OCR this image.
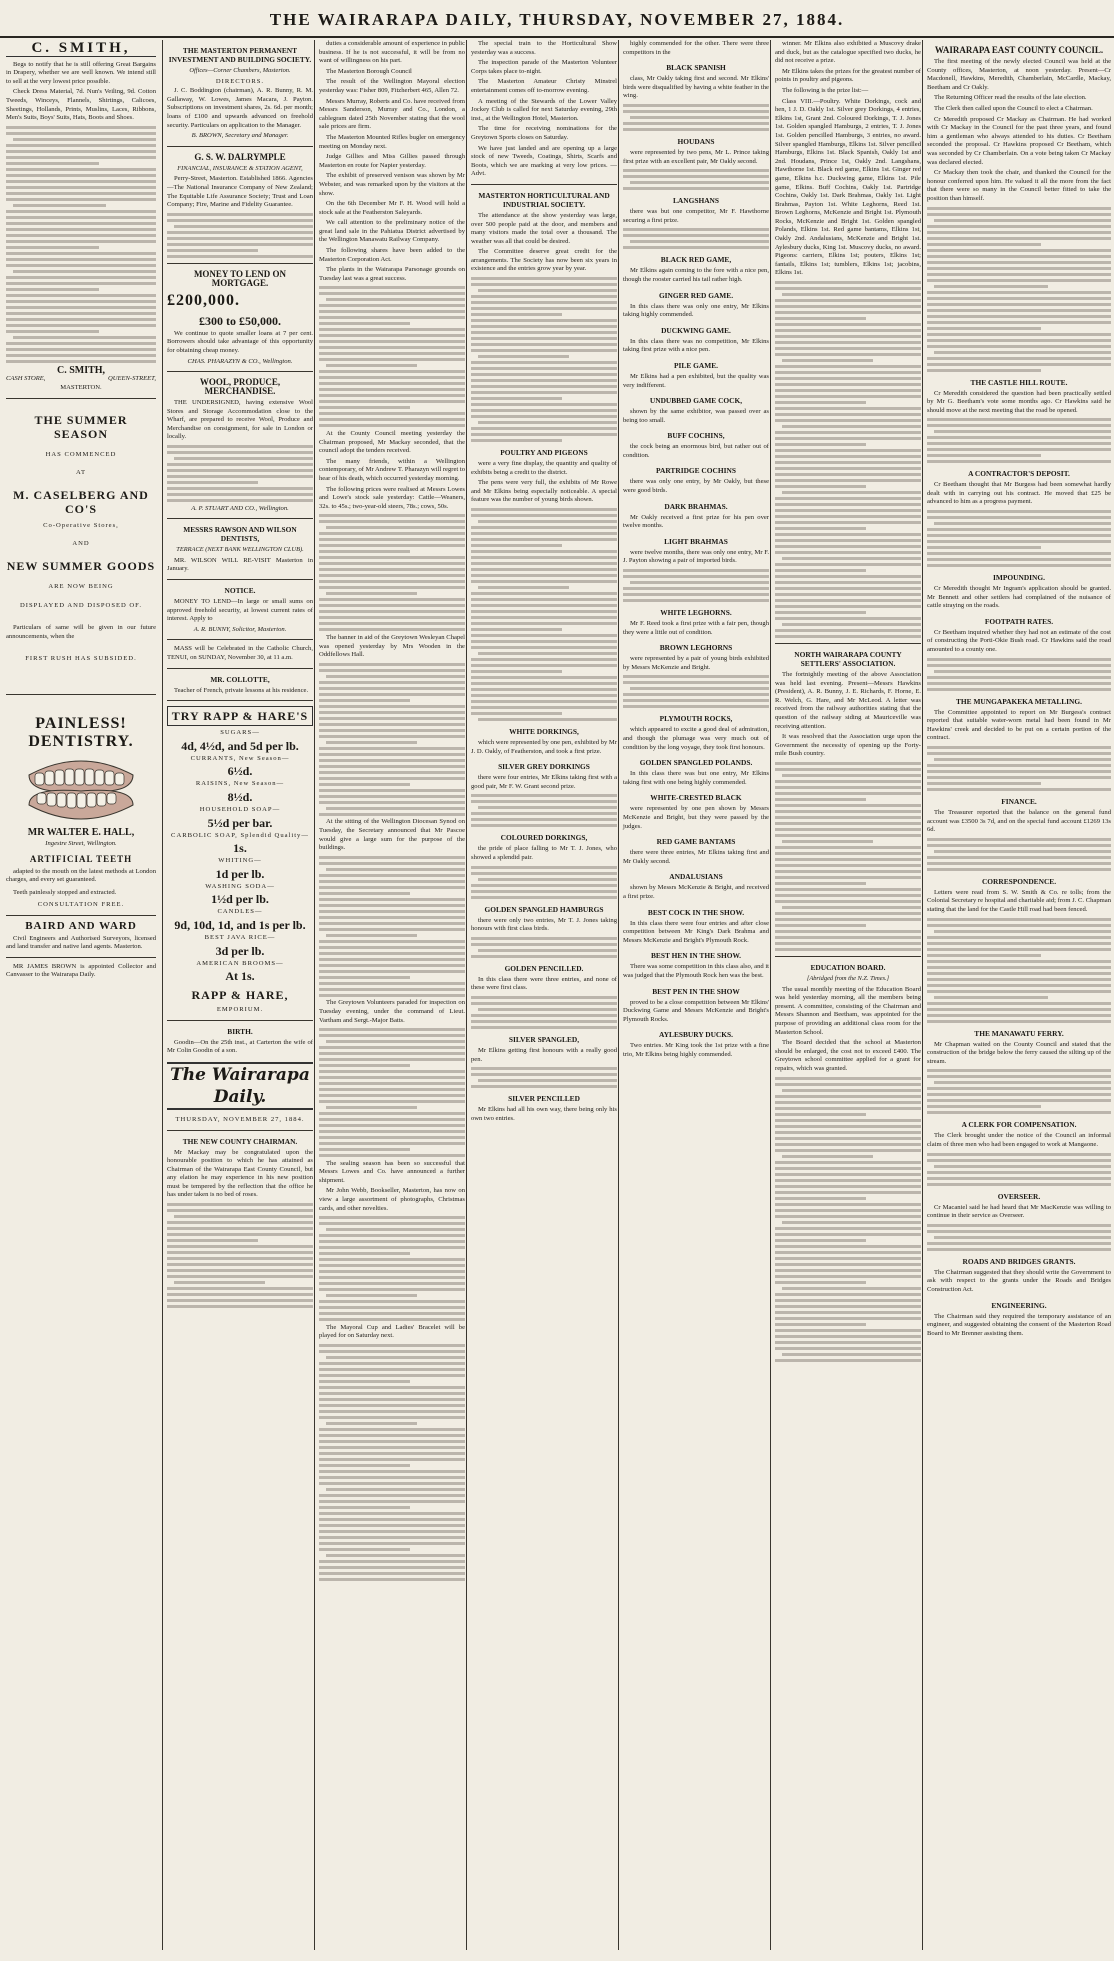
THE WAIRARAPA DAILY, THURSDAY, NOVEMBER 27, 1884.
C. SMITH,

Begs to notify that he is still offering Great Bargains in Drapery, whether we are well known. We intend still to sell at the very lowest price possible.

Check Dress Material, 7d. Nun's Veiling, 9d. Cotton Tweeds, Winceys, Flannels, Shirtings, Calicoes, Sheetings, Hollands, Prints, Muslins, Laces, Ribbons, Men's Suits, Boys' Suits, Hats, Boots and Shoes.

C. SMITH,
CASH STORE,	QUEEN-STREET,
MASTERTON.
THE SUMMER SEASON
HAS COMMENCED
AT
M. CASELBERG AND CO'S
Co-Operative Stores,
AND
NEW SUMMER GOODS
ARE NOW BEING
DISPLAYED AND DISPOSED OF.

Particulars of same will be given in our future announcements, when the

FIRST RUSH HAS SUBSIDED.
PAINLESS! DENTISTRY.
MR WALTER E. HALL,
Ingestre Street, Wellington.
ARTIFICIAL TEETH

adapted to the mouth on the latest methods at London charges, and every set guaranteed.

Teeth painlessly stopped and extracted.

CONSULTATION FREE.
BAIRD AND WARD

Civil Engineers and Authorised Surveyors, licensed and land transfer and native land agents. Masterton.

MR JAMES BROWN is appointed Collector and Canvasser to the Wairarapa Daily.

THE MASTERTON PERMANENT INVESTMENT AND BUILDING SOCIETY.
Offices—Corner Chambers, Masterton.
DIRECTORS.

J. C. Boddington (chairman), A. R. Bunny, R. M. Gallaway, W. Lowes, James Macara, J. Payton. Subscriptions on investment shares, 2s. 6d. per month; loans of £100 and upwards advanced on freehold security. Particulars on application to the Manager.

B. BROWN, Secretary and Manager.
G. S. W. DALRYMPLE
FINANCIAL, INSURANCE & STATION AGENT,

Perry-Street, Masterton. Established 1866. Agencies—The National Insurance Company of New Zealand; The Equitable Life Assurance Society; Trust and Loan Company; Fire, Marine and Fidelity Guarantee.

MONEY TO LEND ON MORTGAGE.
£200,000.
£300 to £50,000.

We continue to quote smaller loans at 7 per cent. Borrowers should take advantage of this opportunity for obtaining cheap money.

CHAS. PHARAZYN & CO., Wellington.
WOOL, PRODUCE, MERCHANDISE.

THE UNDERSIGNED, having extensive Wool Stores and Storage Accommodation close to the Wharf, are prepared to receive Wool, Produce and Merchandise on consignment, for sale in London or locally.

A. P. STUART AND CO., Wellington.
MESSRS RAWSON AND WILSON DENTISTS,
TERRACE (NEXT BANK WELLINGTON CLUB).

MR. WILSON WILL RE-VISIT Masterton in January.

NOTICE.

MONEY TO LEND—In large or small sums on approved freehold security, at lowest current rates of interest. Apply to

A. R. BUNNY, Solicitor, Masterton.

MASS will be Celebrated in the Catholic Church, TENUI, on SUNDAY, November 30, at 11 a.m.

MR. COLLOTTE,

Teacher of French, private lessons at his residence.

TRY RAPP & HARE'S
SUGARS—
4d, 4½d, and 5d per lb.
CURRANTS, New Season—
6½d.
RAISINS, New Season—
8½d.
HOUSEHOLD SOAP—
5½d per bar.
CARBOLIC SOAP, Splendid Quality—
1s.
WHITING—
1d per lb.
WASHING SODA—
1½d per lb.
CANDLES—
9d, 10d, 1d, and 1s per lb.
BEST JAVA RICE—
3d per lb.
AMERICAN BROOMS—
At 1s.
RAPP & HARE,
EMPORIUM.
BIRTH.

Goodin—On the 25th inst., at Carterton the wife of Mr Colin Goodin of a son.

The Wairarapa Daily.
THURSDAY, NOVEMBER 27, 1884.
THE NEW COUNTY CHAIRMAN.

Mr Mackay may be congratulated upon the honourable position to which he has attained as Chairman of the Wairarapa East County Council, but any elation he may experience in his new position must be tempered by the reflection that the office he has under taken is no bed of roses.

duties a considerable amount of experience in public business. If he is not successful, it will be from no want of willingness on his part.

The Masterton Borough Council

The result of the Wellington Mayoral election yesterday was: Fisher 809, Fitzherbert 465, Allen 72.

Messrs Murray, Roberts and Co. have received from Messrs Sanderson, Murray and Co., London, a cablegram dated 25th November stating that the wool sale prices are firm.

The Masterton Mounted Rifles bugler on emergency meeting on Monday next.

Judge Gillies and Miss Gillies passed through Masterton en route for Napier yesterday.

The exhibit of preserved venison was shown by Mr Webster, and was remarked upon by the visitors at the show.

On the 6th December Mr F. H. Wood will hold a stock sale at the Featherston Saleyards.

We call attention to the preliminary notice of the great land sale in the Pahiatua District advertised by the Wellington Manawatu Railway Company.

The following shares have been added to the Masterton Corporation Act.

The plants in the Wairarapa Parsonage grounds on Tuesday last was a great success.

At the County Council meeting yesterday the Chairman proposed, Mr Mackay seconded, that the council adopt the tenders received.

The many friends, within a Wellington contemporary, of Mr Andrew T. Pharazyn will regret to hear of his death, which occurred yesterday morning.

The following prices were realised at Messrs Lowes and Lowe's stock sale yesterday: Cattle—Weaners, 32s. to 45s.; two-year-old steers, 78s.; cows, 50s.

The banner in aid of the Greytown Wesleyan Chapel was opened yesterday by Mrs Wooden in the Oddfellows Hall.

At the sitting of the Wellington Diocesan Synod on Tuesday, the Secretary announced that Mr Pascoe would give a large sum for the purpose of the buildings.

The Greytown Volunteers paraded for inspection on Tuesday evening, under the command of Lieut. Vartham and Sergt.-Major Batts.

The sealing season has been so successful that Messrs Lowes and Co. have announced a further shipment.

Mr John Webb, Bookseller, Masterton, has now on view a large assortment of photographs, Christmas cards, and other novelties.

The Mayoral Cup and Ladies' Bracelet will be played for on Saturday next.

The special train to the Horticultural Show yesterday was a success.

The inspection parade of the Masterton Volunteer Corps takes place to-night.

The Masterton Amateur Christy Minstrel entertainment comes off to-morrow evening.

A meeting of the Stewards of the Lower Valley Jockey Club is called for next Saturday evening, 29th inst., at the Wellington Hotel, Masterton.

The time for receiving nominations for the Greytown Sports closes on Saturday.

We have just landed and are opening up a large stock of new Tweeds, Coatings, Shirts, Scarfs and Boots, which we are marking at very low prices. — Advt.

MASTERTON HORTICULTURAL AND INDUSTRIAL SOCIETY.

The attendance at the show yesterday was large, over 500 people paid at the door, and members and many visitors made the total over a thousand. The weather was all that could be desired.

The Committee deserve great credit for the arrangements. The Society has now been six years in existence and the entries grow year by year.

POULTRY AND PIGEONS

were a very fine display, the quantity and quality of exhibits being a credit to the district.

The pens were very full, the exhibits of Mr Rowe and Mr Elkins being especially noticeable. A special feature was the number of young birds shown.

WHITE DORKINGS,

which were represented by one pen, exhibited by Mr J. D. Oakly, of Featherston, and took a first prize.

SILVER GREY DORKINGS

there were four entries, Mr Elkins taking first with a good pair, Mr F. W. Grant second prize.

COLOURED DORKINGS,

the pride of place falling to Mr T. J. Jones, who showed a splendid pair.

GOLDEN SPANGLED HAMBURGS

there were only two entries, Mr T. J. Jones taking honours with first class birds.

GOLDEN PENCILLED.

In this class there were three entries, and none of these were first class.

SILVER SPANGLED,

Mr Elkins getting first honours with a really good pen.

SILVER PENCILLED

Mr Elkins had all his own way, there being only his own two entries.

highly commended for the other. There were three competitors in the

BLACK SPANISH

class, Mr Oakly taking first and second. Mr Elkins' birds were disqualified by having a white feather in the wing.

HOUDANS

were represented by two pens, Mr L. Prince taking first prize with an excellent pair, Mr Oakly second.

LANGSHANS

there was but one competitor, Mr F. Hawthorne securing a first prize.

BLACK RED GAME,

Mr Elkins again coming to the fore with a nice pen, though the rooster carried his tail rather high.

GINGER RED GAME.

In this class there was only one entry, Mr Elkins taking highly commended.

DUCKWING GAME.

In this class there was no competition, Mr Elkins taking first prize with a nice pen.

PILE GAME.

Mr Elkins had a pen exhibited, but the quality was very indifferent.

UNDUBBED GAME COCK,

shown by the same exhibitor, was passed over as being too small.

BUFF COCHINS,

the cock being an enormous bird, but rather out of condition.

PARTRIDGE COCHINS

there was only one entry, by Mr Oakly, but these were good birds.

DARK BRAHMAS.

Mr Oakly received a first prize for his pen over twelve months.

LIGHT BRAHMAS

were twelve months, there was only one entry, Mr F. J. Payton showing a pair of imported birds.

WHITE LEGHORNS.

Mr F. Reed took a first prize with a fair pen, though they were a little out of condition.

BROWN LEGHORNS

were represented by a pair of young birds exhibited by Messrs McKenzie and Bright.

PLYMOUTH ROCKS,

which appeared to excite a good deal of admiration, and though the plumage was very much out of condition by the long voyage, they took first honours.

GOLDEN SPANGLED POLANDS.

In this class there was but one entry, Mr Elkins taking first with one being highly commended.

WHITE-CRESTED BLACK

were represented by one pen shown by Messrs McKenzie and Bright, but they were passed by the judges.

RED GAME BANTAMS

there were three entries, Mr Elkins taking first and Mr Oakly second.

ANDALUSIANS

shown by Messrs McKenzie & Bright, and received a first prize.

BEST COCK IN THE SHOW.

In this class there were four entries and after close competition between Mr King's Dark Brahma and Messrs McKenzie and Bright's Plymouth Rock.

BEST HEN IN THE SHOW.

There was some competition in this class also, and it was judged that the Plymouth Rock hen was the best.

BEST PEN IN THE SHOW

proved to be a close competition between Mr Elkins' Duckwing Game and Messrs McKenzie and Bright's Plymouth Rocks.

AYLESBURY DUCKS.

Two entries. Mr King took the 1st prize with a fine trio, Mr Elkins being highly commended.

winner. Mr Elkins also exhibited a Muscovy drake and duck, but as the catalogue specified two ducks, he did not receive a prize.

Mr Elkins takes the prizes for the greatest number of points in poultry and pigeons.

The following is the prize list:—

Class VIII.—Poultry. White Dorkings, cock and hen, 1 J. D. Oakly 1st. Silver grey Dorkings, 4 entries, Elkins 1st, Grant 2nd. Coloured Dorkings, T. J. Jones 1st. Golden spangled Hamburgs, 2 entries, T. J. Jones 1st. Golden pencilled Hamburgs, 3 entries, no award. Silver spangled Hamburgs, Elkins 1st. Silver pencilled Hamburgs, Elkins 1st. Black Spanish, Oakly 1st and 2nd. Houdans, Prince 1st, Oakly 2nd. Langshans, Hawthorne 1st. Black red game, Elkins 1st. Ginger red game, Elkins h.c. Duckwing game, Elkins 1st. Pile game, Elkins. Buff Cochins, Oakly 1st. Partridge Cochins, Oakly 1st. Dark Brahmas, Oakly 1st. Light Brahmas, Payton 1st. White Leghorns, Reed 1st. Brown Leghorns, McKenzie and Bright 1st. Plymouth Rocks, McKenzie and Bright 1st. Golden spangled Polands, Elkins 1st. Red game bantams, Elkins 1st, Oakly 2nd. Andalusians, McKenzie and Bright 1st. Aylesbury ducks, King 1st. Muscovy ducks, no award. Pigeons: carriers, Elkins 1st; pouters, Elkins 1st; fantails, Elkins 1st; tumblers, Elkins 1st; jacobins, Elkins 1st.

NORTH WAIRARAPA COUNTY SETTLERS' ASSOCIATION.

The fortnightly meeting of the above Association was held last evening. Present—Messrs Hawkins (President), A. R. Bunny, J. E. Richards, F. Horne, E. R. Welch, G. Hare, and Mr McLeod. A letter was received from the railway authorities stating that the question of the railway siding at Mauriceville was receiving attention.

It was resolved that the Association urge upon the Government the necessity of opening up the Forty-mile Bush country.

EDUCATION BOARD.
[Abridged from the N.Z. Times.]

The usual monthly meeting of the Education Board was held yesterday morning, all the members being present. A committee, consisting of the Chairman and Messrs Shannon and Beetham, was appointed for the purpose of providing an additional class room for the Masterton School.

The Board decided that the school at Masterton should be enlarged, the cost not to exceed £400. The Greytown school committee applied for a grant for repairs, which was granted.

WAIRARAPA EAST COUNTY COUNCIL.

The first meeting of the newly elected Council was held at the County offices, Masterton, at noon yesterday. Present—Cr Macdonell, Hawkins, Meredith, Chamberlain, McCardle, Mackay, Beetham and Cr Oakly.

The Returning Officer read the results of the late election.

The Clerk then called upon the Council to elect a Chairman.

Cr Meredith proposed Cr Mackay as Chairman. He had worked with Cr Mackay in the Council for the past three years, and found him a gentleman who always attended to his duties. Cr Beetham seconded the proposal. Cr Hawkins proposed Cr Beetham, which was seconded by Cr Chamberlain. On a vote being taken Cr Mackay was declared elected.

Cr Mackay then took the chair, and thanked the Council for the honour conferred upon him. He valued it all the more from the fact that there were so many in the Council better fitted to take the position than himself.

THE CASTLE HILL ROUTE.

Cr Meredith considered the question had been practically settled by Mr G. Beetham's vote some months ago. Cr Hawkins said he should move at the next meeting that the road be opened.

A CONTRACTOR'S DEPOSIT.

Cr Beetham thought that Mr Burgess had been somewhat hardly dealt with in carrying out his contract. He moved that £25 be advanced to him as a progress payment.

IMPOUNDING.

Cr Meredith thought Mr Ingram's application should be granted. Mr Bennett and other settlers had complained of the nuisance of cattle straying on the roads.

FOOTPATH RATES.

Cr Beetham inquired whether they had not an estimate of the cost of constructing the Porti-Okie Bush road. Cr Hawkins said the road amounted to a county one.

THE MUNGAPAKEKA METALLING.

The Committee appointed to report on Mr Burgess's contract reported that suitable water-worn metal had been found in Mr Hawkins' creek and decided to be put on a certain portion of the contract.

FINANCE.

The Treasurer reported that the balance on the general fund account was £3500 3s 7d, and on the special fund account £1269 13s 6d.

CORRESPONDENCE.

Letters were read from S. W. Smith & Co. re tolls; from the Colonial Secretary re hospital and charitable aid; from J. C. Chapman stating that the land for the Castle Hill road had been fenced.

THE MANAWATU FERRY.

Mr Chapman waited on the County Council and stated that the construction of the bridge below the ferry caused the silting up of the stream.

A CLERK FOR COMPENSATION.

The Clerk brought under the notice of the Council an informal claim of three men who had been engaged to work at Mangaone.

OVERSEER.

Cr Macaniel said he had heard that Mr MacKenzie was willing to continue in their service as Overseer.

ROADS AND BRIDGES GRANTS.

The Chairman suggested that they should write the Government to ask with respect to the grants under the Roads and Bridges Construction Act.

ENGINEERING.

The Chairman said they required the temporary assistance of an engineer, and suggested obtaining the consent of the Masterton Road Board to Mr Brenner assisting them.
